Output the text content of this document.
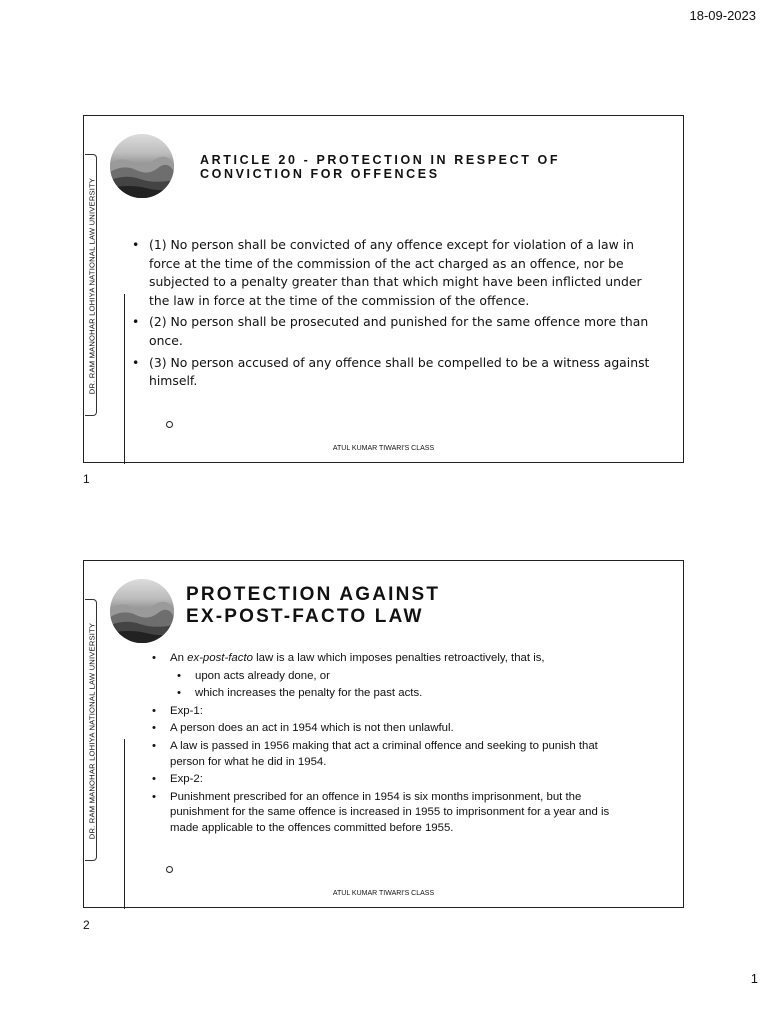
18-09-2023
DR. RAM MANOHAR LOHIYA NATIONAL LAW UNIVERSITY
ARTICLE 20 - PROTECTION IN RESPECT OF CONVICTION FOR OFFENCES
• (1) No person shall be convicted of any offence except for violation of a law in force at the time of the commission of the act charged as an offence, nor be subjected to a penalty greater than that which might have been inflicted under the law in force at the time of the commission of the offence.
• (2) No person shall be prosecuted and punished for the same offence more than once.
• (3) No person accused of any offence shall be compelled to be a witness against himself.
ATUL KUMAR TIWARI'S CLASS
1
DR. RAM MANOHAR LOHIYA NATIONAL LAW UNIVERSITY
PROTECTION AGAINST
EX-POST-FACTO LAW
• An ex-post-facto law is a law which imposes penalties retroactively, that is,
• upon acts already done, or
• which increases the penalty for the past acts.
• Exp-1:
• A person does an act in 1954 which is not then unlawful.
• A law is passed in 1956 making that act a criminal offence and seeking to punish that person for what he did in 1954.
• Exp-2:
• Punishment prescribed for an offence in 1954 is six months imprisonment, but the punishment for the same offence is increased in 1955 to imprisonment for a year and is made applicable to the offences committed before 1955.
ATUL KUMAR TIWARI'S CLASS
2
1
